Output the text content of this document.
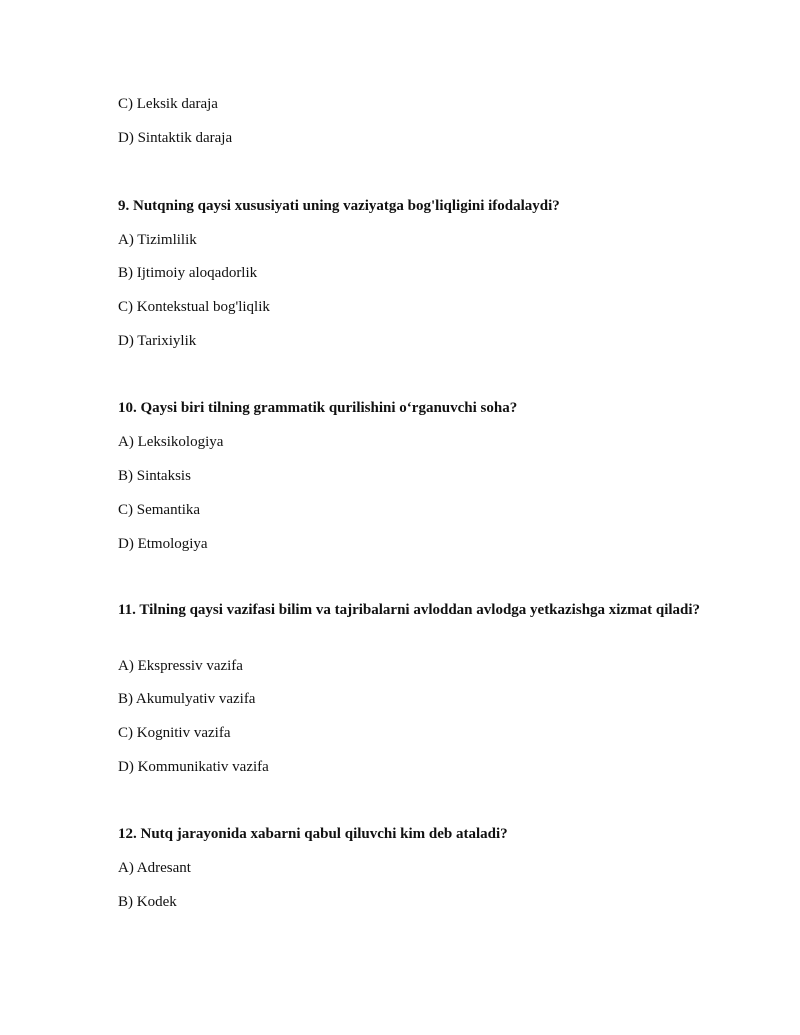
C) Leksik daraja
D) Sintaktik daraja
9. Nutqning qaysi xususiyati uning vaziyatga bog'liqligini ifodalaydi?
A) Tizimlilik
B) Ijtimoiy aloqadorlik
C) Kontekstual bog'liqlik
D) Tarixiylik
10. Qaysi biri tilning grammatik qurilishini o‘rganuvchi soha?
A) Leksikologiya
B) Sintaksis
C) Semantika
D) Etmologiya
11. Tilning qaysi vazifasi bilim va tajribalarni avloddan avlodga yetkazishga xizmat qiladi?
A) Ekspressiv vazifa
B) Akumulyativ vazifa
C) Kognitiv vazifa
D) Kommunikativ vazifa
12. Nutq jarayonida xabarni qabul qiluvchi kim deb ataladi?
A) Adresant
B) Kodek
